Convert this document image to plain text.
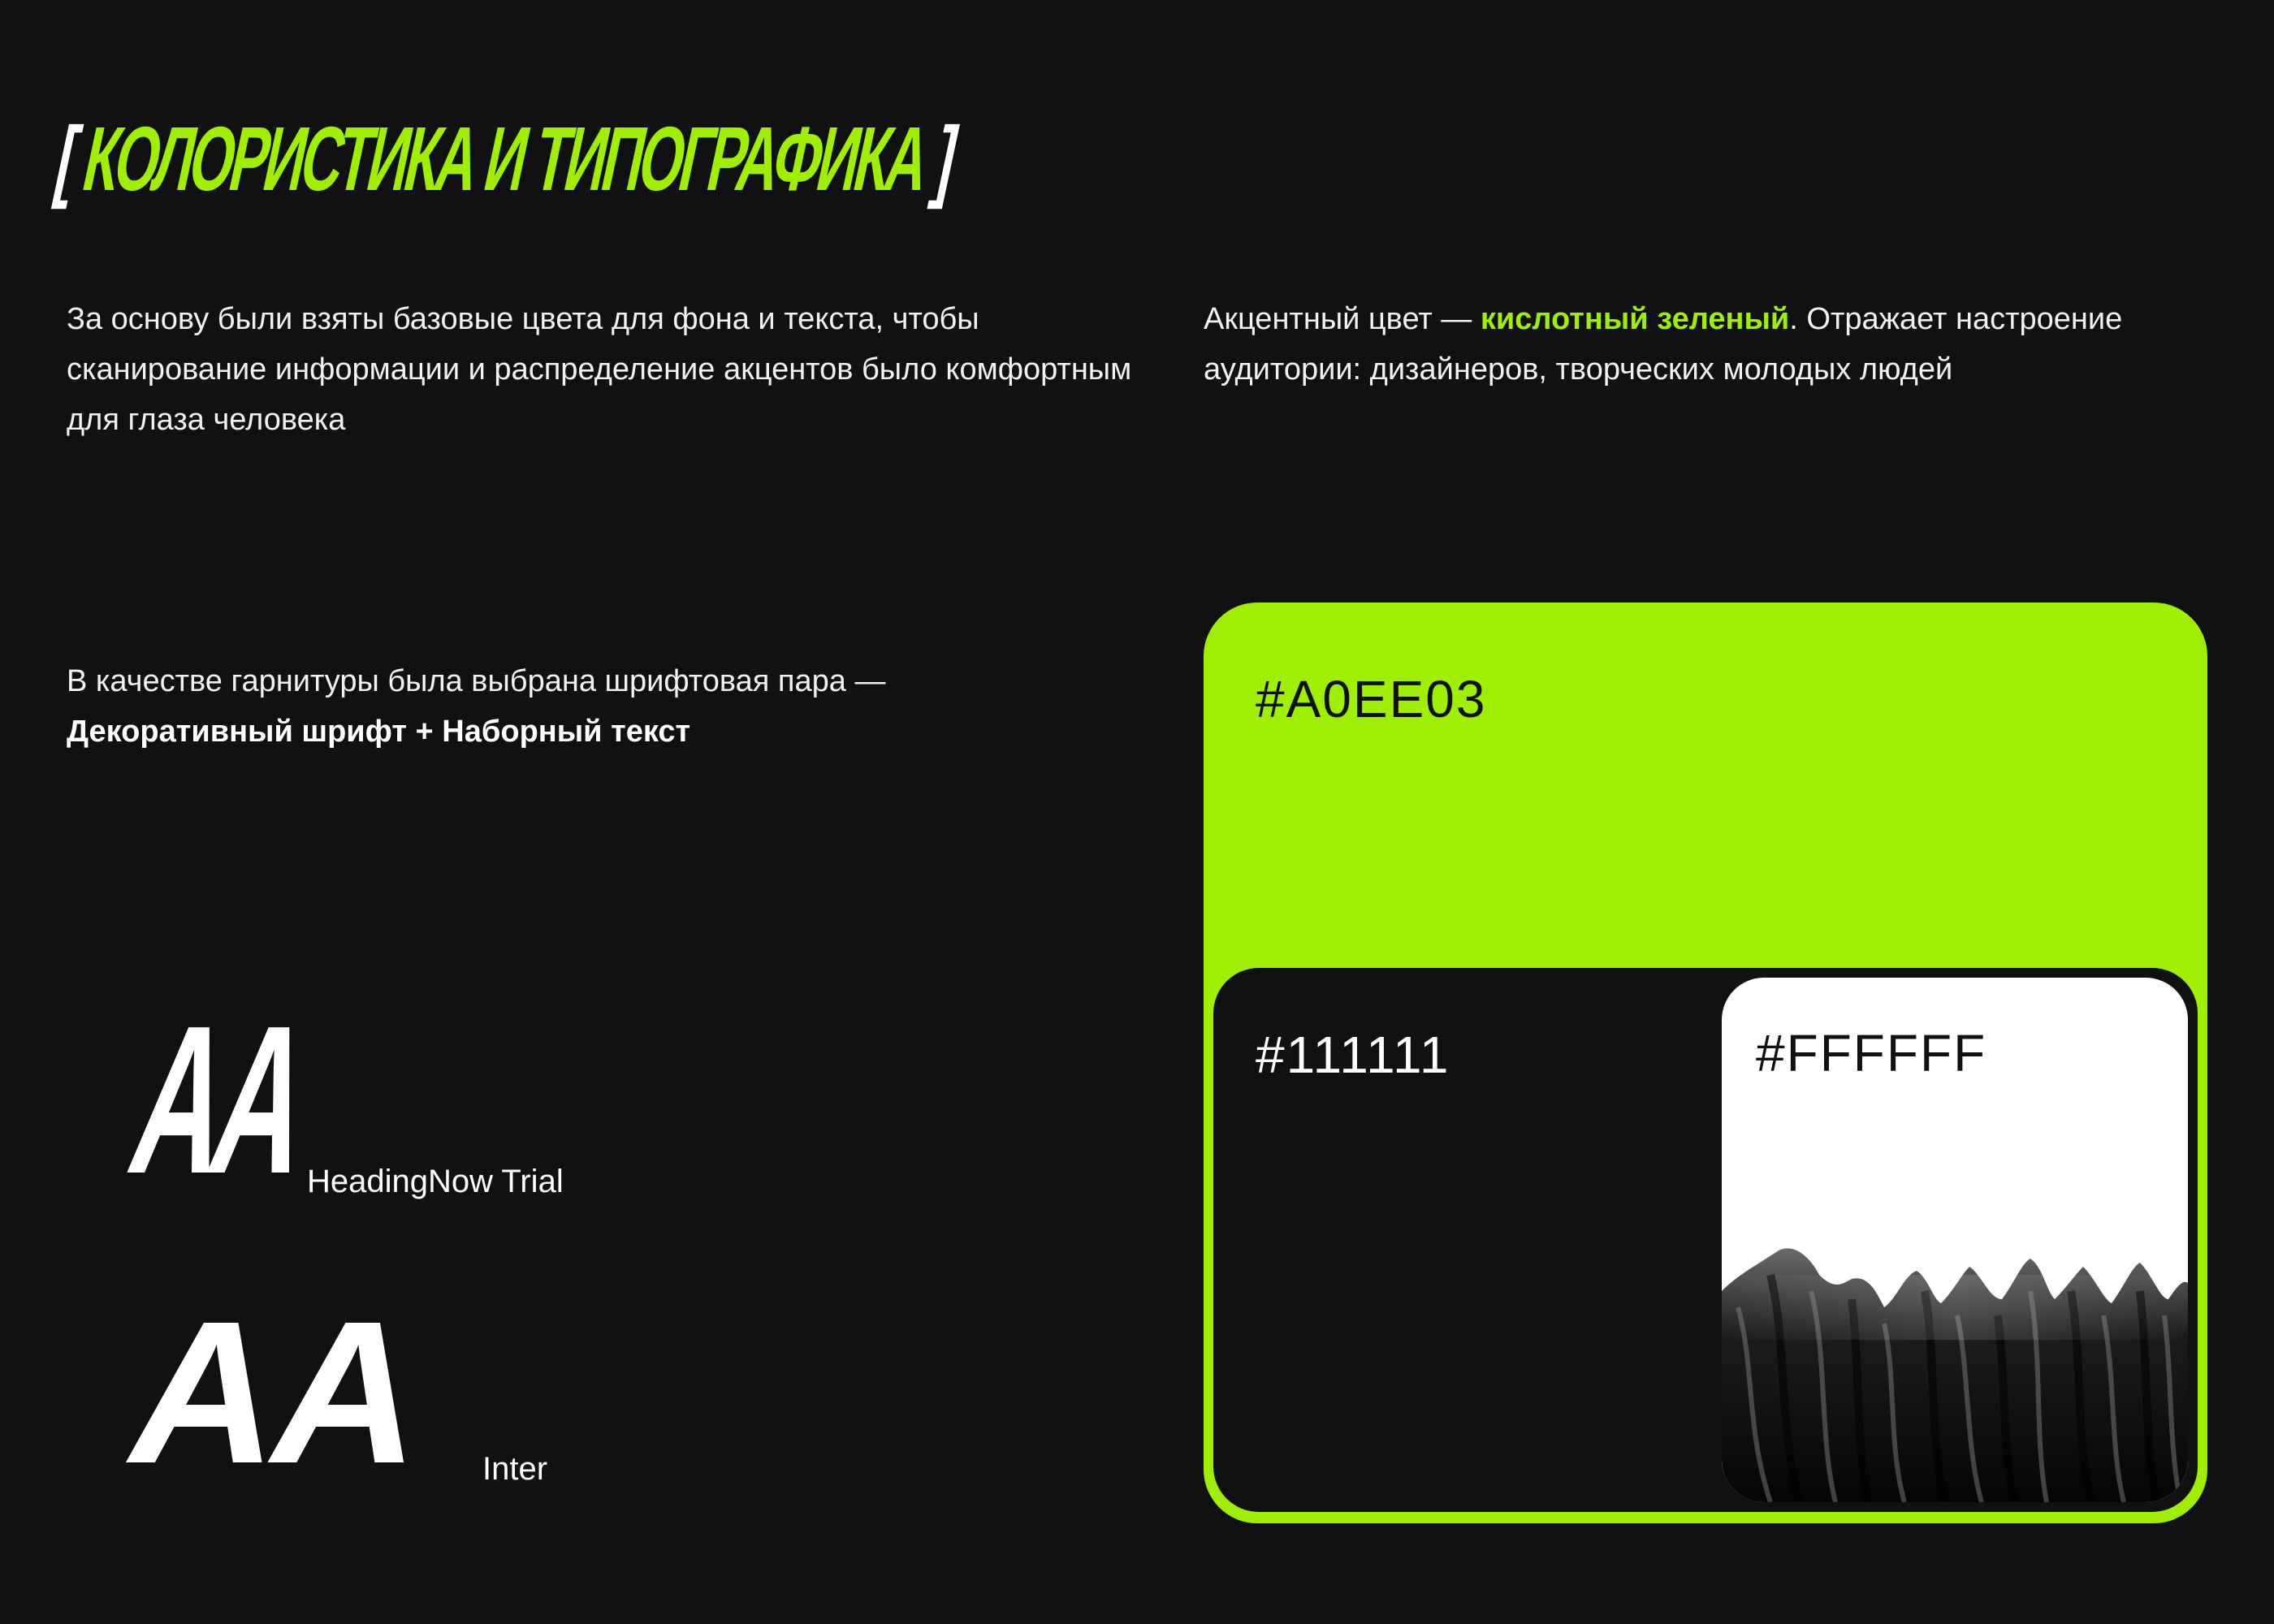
[ КОЛОРИСТИКА И ТИПОГРАФИКА ]

За основу были взяты базовые цвета для фона и текста, чтобы сканирование информации и распределение акцентов было комфортным для глаза человека

Акцентный цвет — кислотный зеленый. Отражает настроение аудитории: дизайнеров, творческих молодых людей

В качестве гарнитуры была выбрана шрифтовая пара —
Декоративный шрифт + Наборный текст

AA
HeadingNow Trial
AA Inter
#A0EE03
#111111	#FFFFFF
